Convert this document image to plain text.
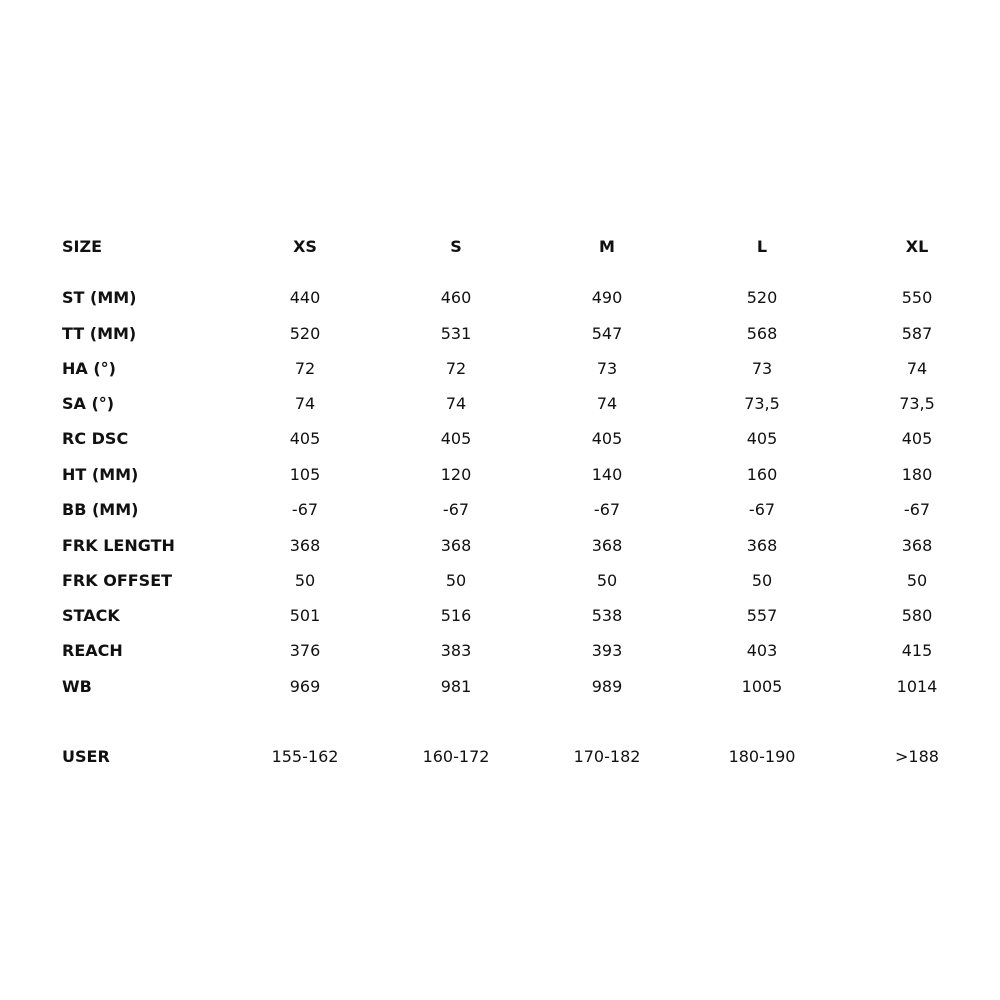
SIZE	XS	S	M	L	XL
ST (MM)	440	460	490	520	550
TT (MM)	520	531	547	568	587
HA (°)	72	72	73	73	74
SA (°)	74	74	74	73,5	73,5
RC DSC	405	405	405	405	405
HT (MM)	105	120	140	160	180
BB (MM)	-67	-67	-67	-67	-67
FRK LENGTH	368	368	368	368	368
FRK OFFSET	50	50	50	50	50
STACK	501	516	538	557	580
REACH	376	383	393	403	415
WB	969	981	989	1005	1014
USER	155-162	160-172	170-182	180-190	>188
